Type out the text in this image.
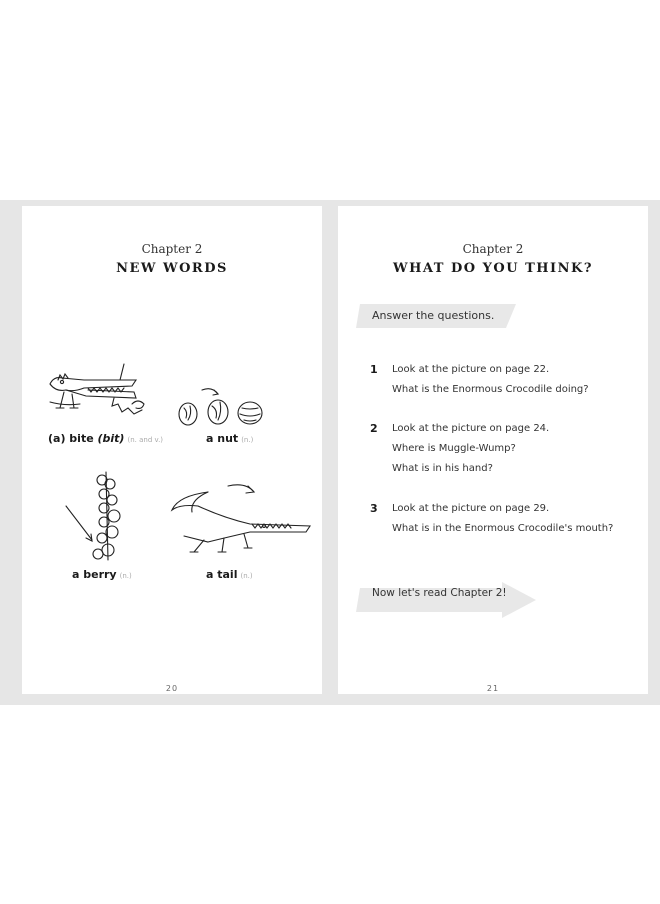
Chapter 2
NEW WORDS
(a) bite (bit) (n. and v.)	a nut (n.)
a berry (n.)	a tail (n.)
20
Chapter 2
WHAT DO YOU THINK?
Answer the questions.
1 Look at the picture on page 22.
What is the Enormous Crocodile doing?
2 Look at the picture on page 24.
Where is Muggle-Wump?
What is in his hand?
3 Look at the picture on page 29.
What is in the Enormous Crocodile's mouth?
Now let's read Chapter 2!
21
